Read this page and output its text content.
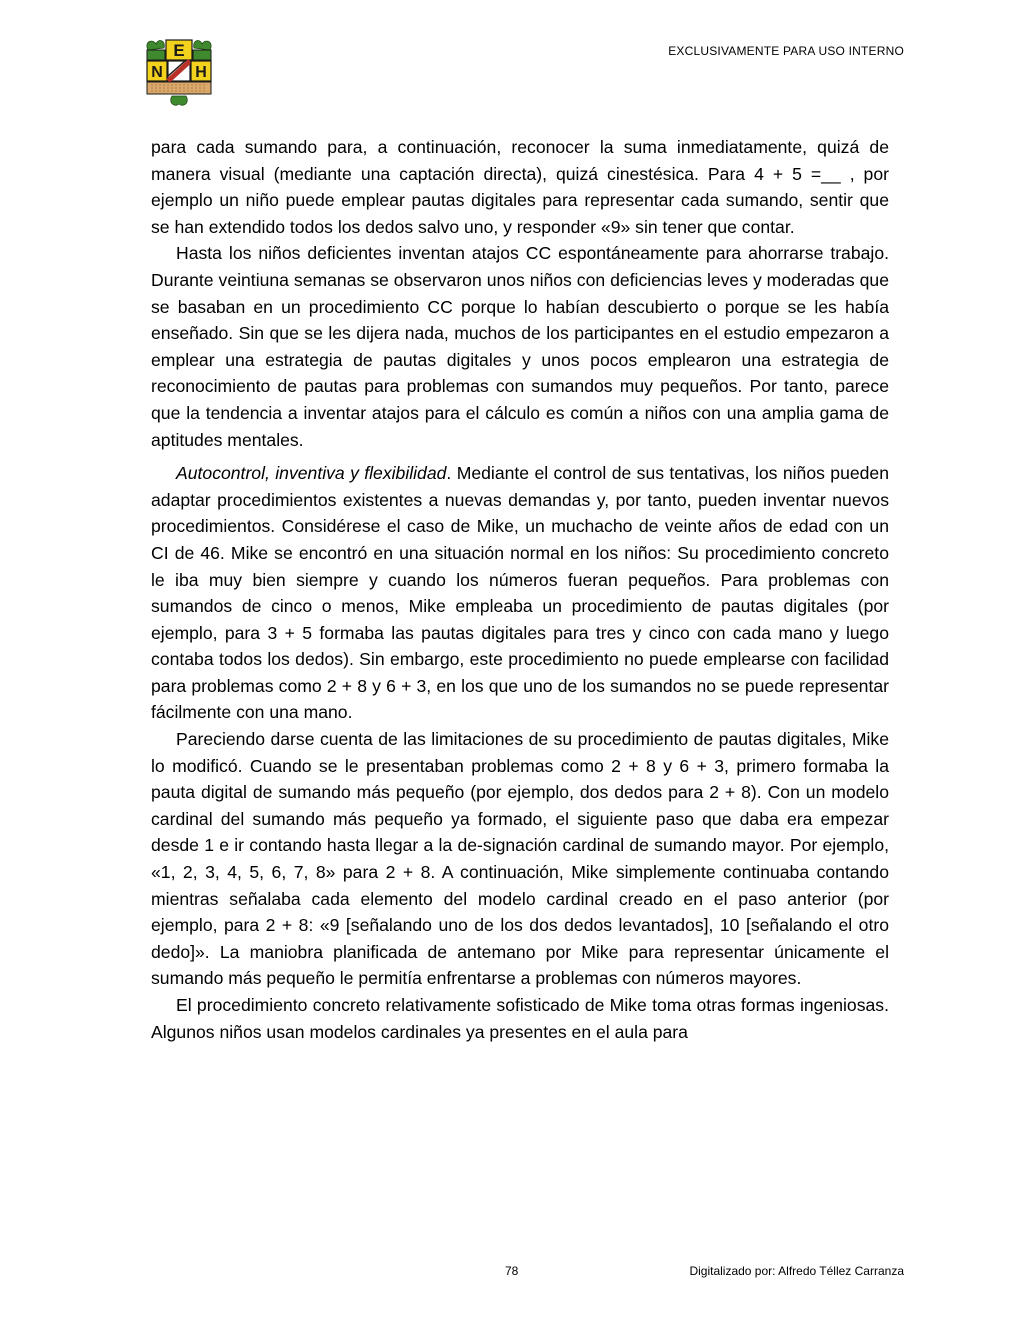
E
N H
EXCLUSIVAMENTE PARA USO INTERNO

para cada sumando para, a continuación, reconocer la suma inmediatamente, quizá de manera visual (mediante una captación directa), quizá cinestésica. Para 4 + 5 =__ , por ejemplo un niño puede emplear pautas digitales para representar cada sumando, sentir que se han extendido todos los dedos salvo uno, y responder «9» sin tener que contar.

Hasta los niños deficientes inventan atajos CC espontáneamente para ahorrarse trabajo. Durante veintiuna semanas se observaron unos niños con deficiencias leves y moderadas que se basaban en un procedimiento CC porque lo habían descubierto o porque se les había enseñado. Sin que se les dijera nada, muchos de los participantes en el estudio empezaron a emplear una estrategia de pautas digitales y unos pocos emplearon una estrategia de reconocimiento de pautas para problemas con sumandos muy pequeños. Por tanto, parece que la tendencia a inventar atajos para el cálculo es común a niños con una amplia gama de aptitudes mentales.

Autocontrol, inventiva y flexibilidad. Mediante el control de sus tentativas, los niños pueden adaptar procedimientos existentes a nuevas demandas y, por tanto, pueden inventar nuevos procedimientos. Considérese el caso de Mike, un muchacho de veinte años de edad con un CI de 46. Mike se encontró en una situación normal en los niños: Su procedimiento concreto le iba muy bien siempre y cuando los números fueran pequeños. Para problemas con sumandos de cinco o menos, Mike empleaba un procedimiento de pautas digitales (por ejemplo, para 3 + 5 formaba las pautas digitales para tres y cinco con cada mano y luego contaba todos los dedos). Sin embargo, este procedimiento no puede emplearse con facilidad para problemas como 2 + 8 y 6 + 3, en los que uno de los sumandos no se puede representar fácilmente con una mano.

Pareciendo darse cuenta de las limitaciones de su procedimiento de pautas digitales, Mike lo modificó. Cuando se le presentaban problemas como 2 + 8 y 6 + 3, primero formaba la pauta digital de sumando más pequeño (por ejemplo, dos dedos para 2 + 8). Con un modelo cardinal del sumando más pequeño ya formado, el siguiente paso que daba era empezar desde 1 e ir contando hasta llegar a la de-signación cardinal de sumando mayor. Por ejemplo, «1, 2, 3, 4, 5, 6, 7, 8» para 2 + 8. A continuación, Mike simplemente continuaba contando mientras señalaba cada elemento del modelo cardinal creado en el paso anterior (por ejemplo, para 2 + 8: «9 [señalando uno de los dos dedos levantados], 10 [señalando el otro dedo]». La maniobra planificada de antemano por Mike para representar únicamente el sumando más pequeño le permitía enfrentarse a problemas con números mayores.

El procedimiento concreto relativamente sofisticado de Mike toma otras formas ingeniosas. Algunos niños usan modelos cardinales ya presentes en el aula para

78	Digitalizado por: Alfredo Téllez Carranza
